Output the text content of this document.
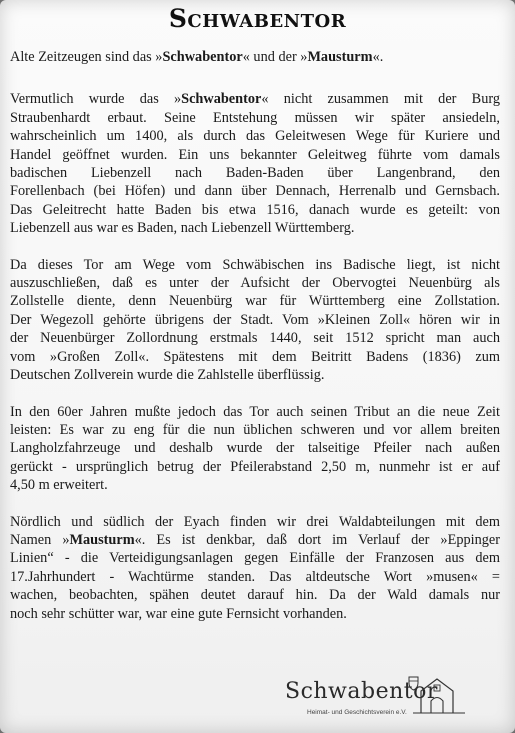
Schwabentor
Alte Zeitzeugen sind das »Schwabentor« und der »Mausturm«.
Vermutlich wurde das »Schwabentor« nicht zusammen mit der Burg
Straubenhardt erbaut. Seine Entstehung müssen wir später ansiedeln,
wahrscheinlich um 1400, als durch das Geleitwesen Wege für Kuriere und
Handel geöffnet wurden. Ein uns bekannter Geleitweg führte vom damals
badischen Liebenzell nach Baden-Baden über Langenbrand, den
Forellenbach (bei Höfen) und dann über Dennach, Herrenalb und Gernsbach.
Das Geleitrecht hatte Baden bis etwa 1516, danach wurde es geteilt: von
Liebenzell aus war es Baden, nach Liebenzell Württemberg.
Da dieses Tor am Wege vom Schwäbischen ins Badische liegt, ist nicht
auszuschließen, daß es unter der Aufsicht der Obervogtei Neuenbürg als
Zollstelle diente, denn Neuenbürg war für Württemberg eine Zollstation.
Der Wegezoll gehörte übrigens der Stadt. Vom »Kleinen Zoll« hören wir in
der Neuenbürger Zollordnung erstmals 1440, seit 1512 spricht man auch
vom »Großen Zoll«. Spätestens mit dem Beitritt Badens (1836) zum
Deutschen Zollverein wurde die Zahlstelle überflüssig.
In den 60er Jahren mußte jedoch das Tor auch seinen Tribut an die neue Zeit
leisten: Es war zu eng für die nun üblichen schweren und vor allem breiten
Langholzfahrzeuge und deshalb wurde der talseitige Pfeiler nach außen
gerückt - ursprünglich betrug der Pfeilerabstand 2,50 m, nunmehr ist er auf
4,50 m erweitert.
Nördlich und südlich der Eyach finden wir drei Waldabteilungen mit dem
Namen »Mausturm«. Es ist denkbar, daß dort im Verlauf der »Eppinger
Linien“ - die Verteidigungsanlagen gegen Einfälle der Franzosen aus dem
17.Jahrhundert - Wachtürme standen. Das altdeutsche Wort »musen« =
wachen, beobachten, spähen deutet darauf hin. Da der Wald damals nur
noch sehr schütter war, war eine gute Fernsicht vorhanden.
Schwabentor
Heimat- und Geschichtsverein e.V.
